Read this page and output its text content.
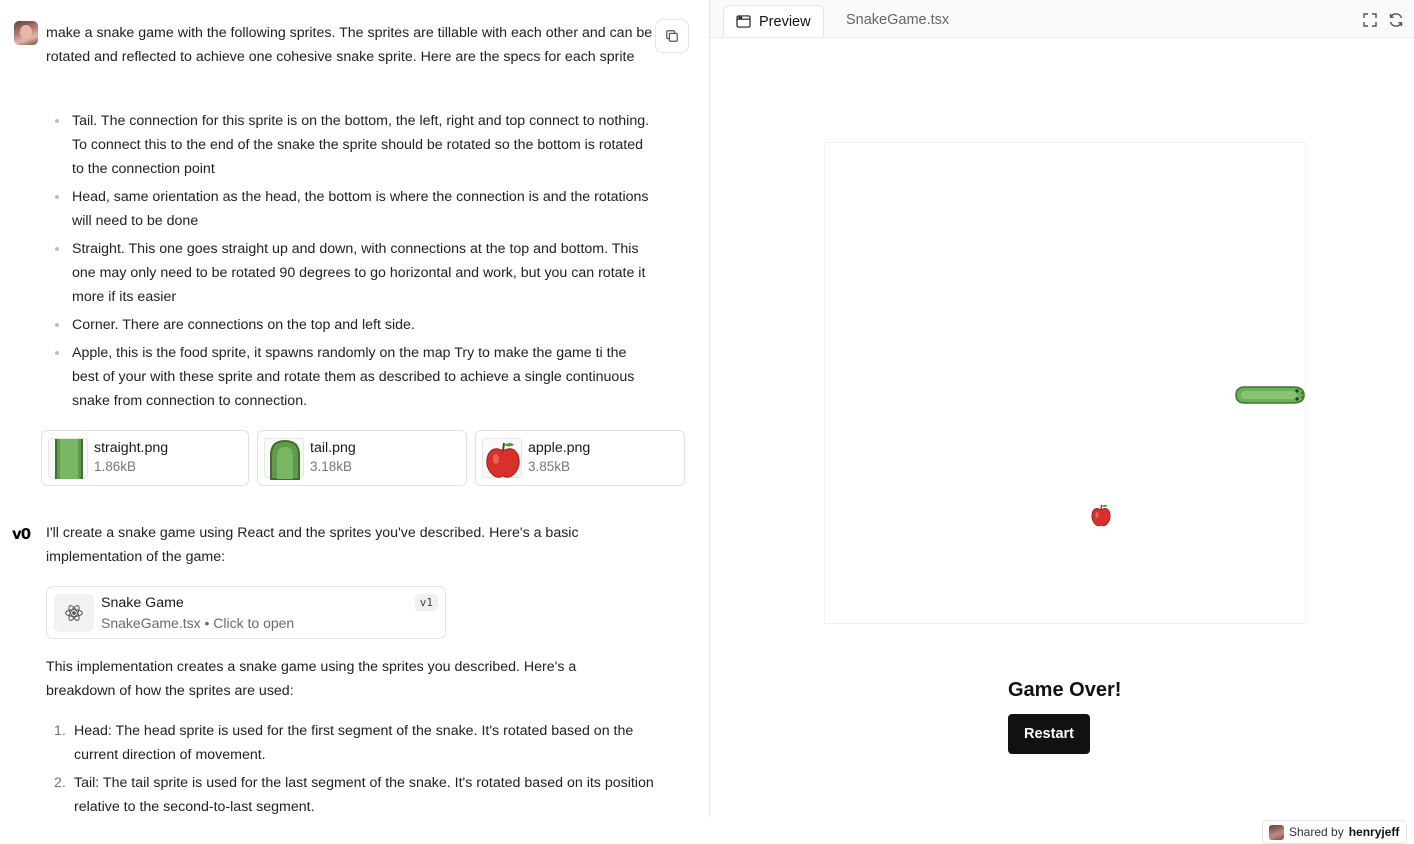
make a snake game with the following sprites. The sprites are tillable with each other and can be rotated and reflected to achieve one cohesive snake sprite. Here are the specs for each sprite
Tail. The connection for this sprite is on the bottom, the left, right and top connect to nothing. To connect this to the end of the snake the sprite should be rotated so the bottom is rotated to the connection point
Head, same orientation as the head, the bottom is where the connection is and the rotations will need to be done
Straight. This one goes straight up and down, with connections at the top and bottom. This one may only need to be rotated 90 degrees to go horizontal and work, but you can rotate it more if its easier
Corner. There are connections on the top and left side.
Apple, this is the food sprite, it spawns randomly on the map Try to make the game ti the best of your with these sprite and rotate them as described to achieve a single continuous snake from connection to connection.
straight.png
1.86kB
tail.png
3.18kB
apple.png
3.85kB
v0 I'll create a snake game using React and the sprites you've described. Here's a basic implementation of the game:
Snake Game
SnakeGame.tsx • Click to open
v1
This implementation creates a snake game using the sprites you described. Here's a breakdown of how the sprites are used:
1. Head: The head sprite is used for the first segment of the snake. It's rotated based on the current direction of movement.
2. Tail: The tail sprite is used for the last segment of the snake. It's rotated based on its position relative to the second-to-last segment.
Preview SnakeGame.tsx
Game Over!
Restart
Shared by henryjeff
